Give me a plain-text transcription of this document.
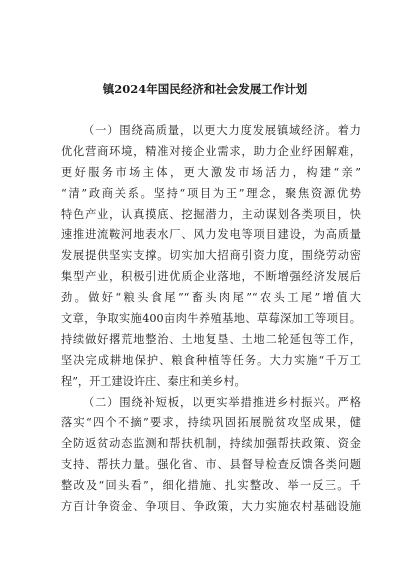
镇2024年国民经济和社会发展工作计划
（一）围绕高质量，以更大力度发展镇域经济。着力
优化营商环境，精准对接企业需求，助力企业纾困解难，
更好服务市场主体，更大激发市场活力，构建“亲”
“清”政商关系。坚持“项目为王”理念，聚焦资源优势
特色产业，认真摸底、挖掘潜力，主动谋划各类项目，快
速推进流鞍河地表水厂、风力发电等项目建设，为高质量
发展提供坚实支撑。切实加大招商引资力度，围绕劳动密
集型产业，积极引进优质企业落地，不断增强经济发展后
劲。做好“粮头食尾”“畜头肉尾”“农头工尾”增值大
文章，争取实施400亩肉牛养殖基地、草莓深加工等项目。
持续做好撂荒地整治、土地复垦、土地二轮延包等工作，
坚决完成耕地保护、粮食种植等任务。大力实施“千万工
程”，开工建设许庄、秦庄和美乡村。
（二）围绕补短板，以更实举措推进乡村振兴。严格
落实“四个不摘”要求，持续巩固拓展脱贫攻坚成果，健
全防返贫动态监测和帮扶机制，持续加强帮扶政策、资金
支持、帮扶力量。强化省、市、县督导检查反馈各类问题
整改及“回头看”，细化措施、扎实整改、举一反三。千
方百计争资金、争项目、争政策，大力实施农村基础设施
